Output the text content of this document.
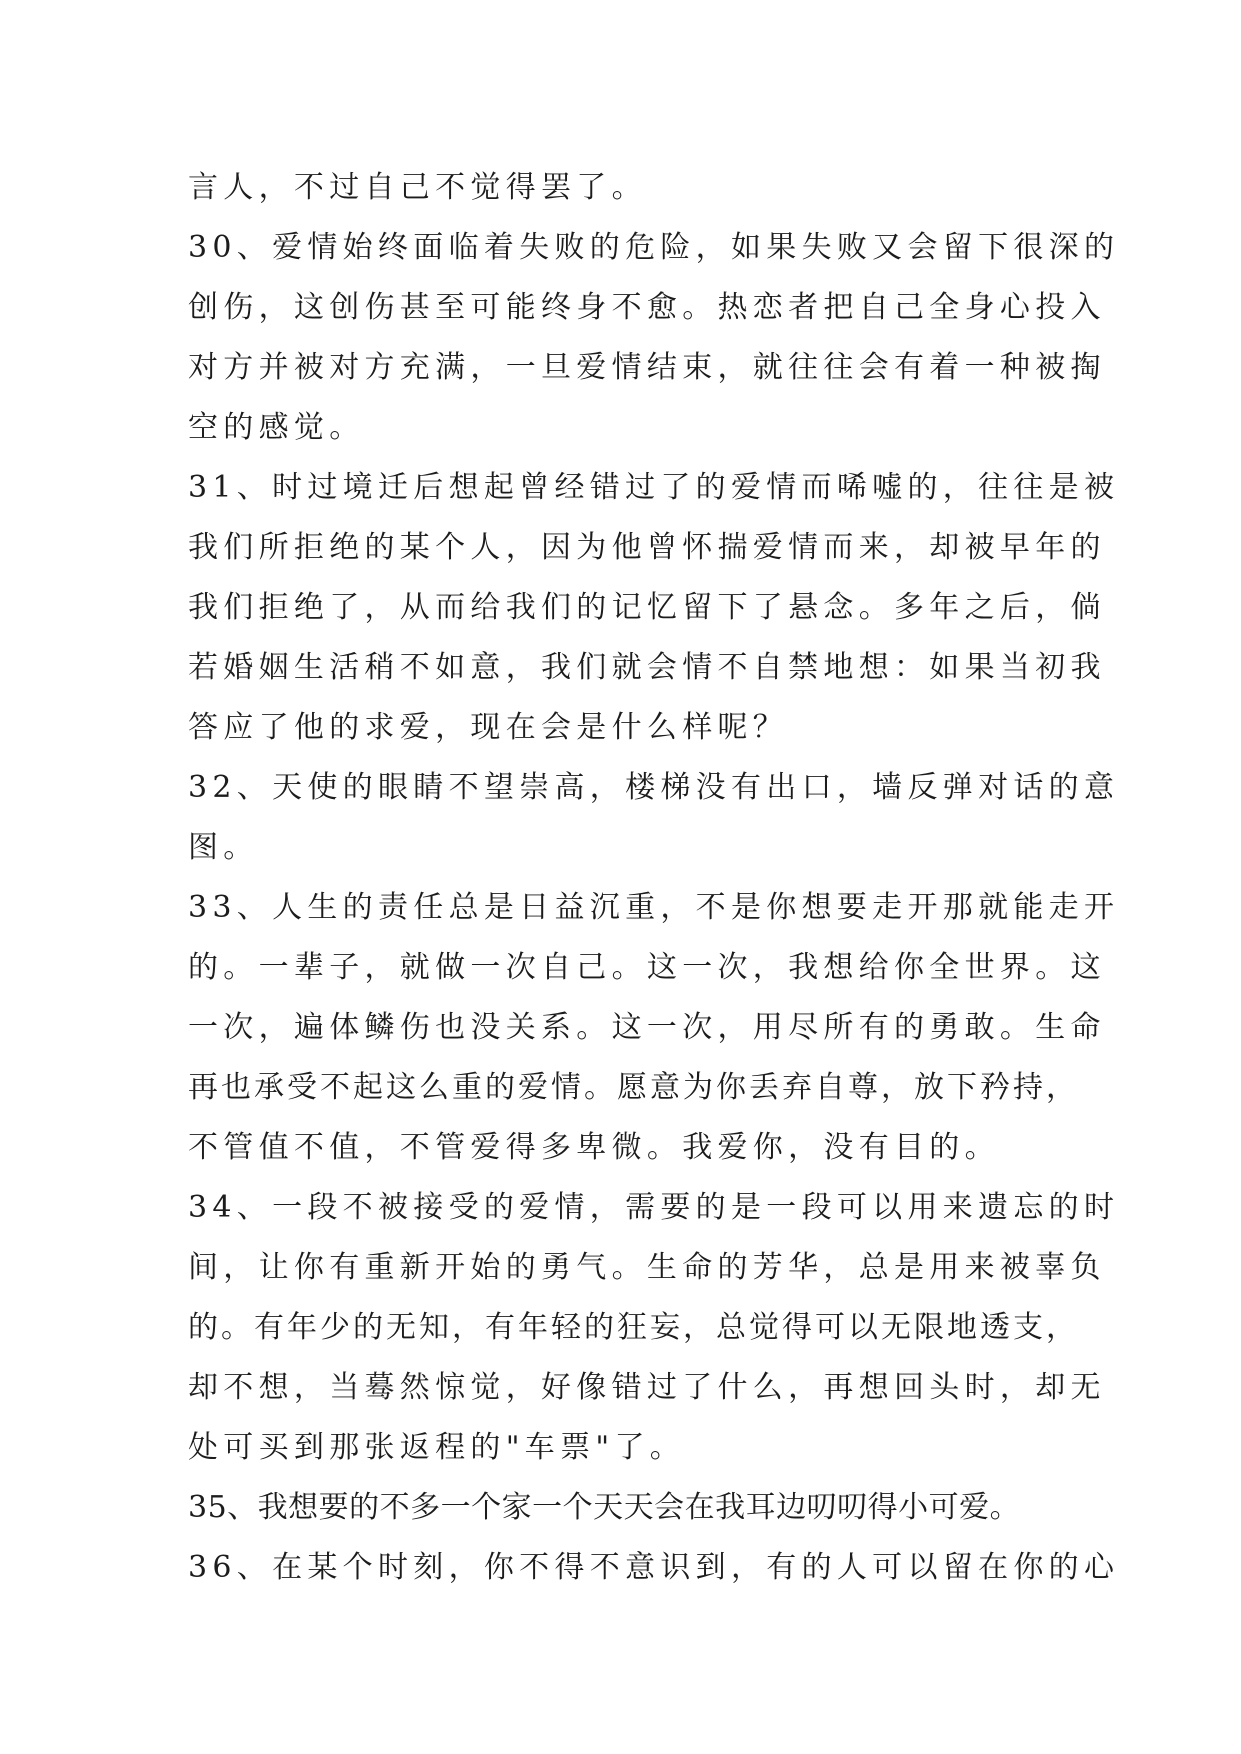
言人，不过自己不觉得罢了。
30、爱情始终面临着失败的危险，如果失败又会留下很深的
创伤，这创伤甚至可能终身不愈。热恋者把自己全身心投入
对方并被对方充满，一旦爱情结束，就往往会有着一种被掏
空的感觉。
31、时过境迁后想起曾经错过了的爱情而唏嘘的，往往是被
我们所拒绝的某个人，因为他曾怀揣爱情而来，却被早年的
我们拒绝了，从而给我们的记忆留下了悬念。多年之后，倘
若婚姻生活稍不如意，我们就会情不自禁地想：如果当初我
答应了他的求爱，现在会是什么样呢？
32、天使的眼睛不望崇高，楼梯没有出口，墙反弹对话的意
图。
33、人生的责任总是日益沉重，不是你想要走开那就能走开
的。一辈子，就做一次自己。这一次，我想给你全世界。这
一次，遍体鳞伤也没关系。这一次，用尽所有的勇敢。生命
再也承受不起这么重的爱情。愿意为你丢弃自尊，放下矜持，
不管值不值，不管爱得多卑微。我爱你，没有目的。
34、一段不被接受的爱情，需要的是一段可以用来遗忘的时
间，让你有重新开始的勇气。生命的芳华，总是用来被辜负
的。有年少的无知，有年轻的狂妄，总觉得可以无限地透支，
却不想，当蓦然惊觉，好像错过了什么，再想回头时，却无
处可买到那张返程的"车票"了。
35、我想要的不多一个家一个天天会在我耳边叨叨得小可爱。
36、在某个时刻，你不得不意识到，有的人可以留在你的心
